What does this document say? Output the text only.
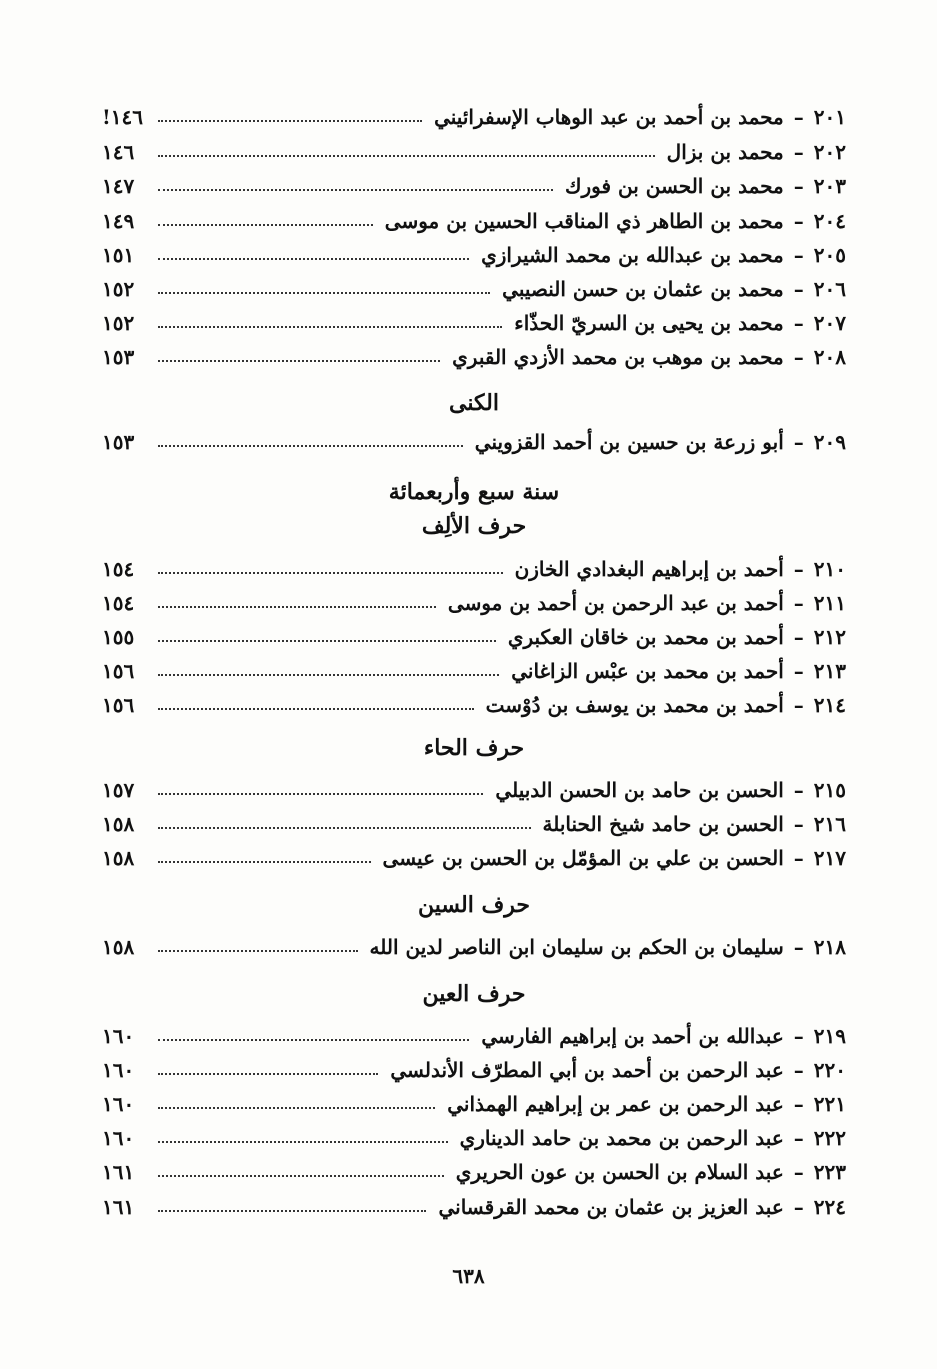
٢٠١
–
محمد بن أحمد بن عبد الوهاب الإسفرائيني
١٤٦!
٢٠٢
–
محمد بن بزال
١٤٦
٢٠٣
–
محمد بن الحسن بن فورك
١٤٧
٢٠٤
–
محمد بن الطاهر ذي المناقب الحسين بن موسى
١٤٩
٢٠٥
–
محمد بن عبدالله بن محمد الشيرازي
١٥١
٢٠٦
–
محمد بن عثمان بن حسن النصيبي
١٥٢
٢٠٧
–
محمد بن يحيى بن السريّ الحذّاء
١٥٢
٢٠٨
–
محمد بن موهب بن محمد الأزدي القبري
١٥٣
الكنى
٢٠٩
–
أبو زرعة بن حسين بن أحمد القزويني
١٥٣
سنة سبع وأربعمائة
حرف الألِف
٢١٠
–
أحمد بن إبراهيم البغدادي الخازن
١٥٤
٢١١
–
أحمد بن عبد الرحمن بن أحمد بن موسى
١٥٤
٢١٢
–
أحمد بن محمد بن خاقان العكبري
١٥٥
٢١٣
–
أحمد بن محمد بن عبْس الزاغاني
١٥٦
٢١٤
–
أحمد بن محمد بن يوسف بن دُوْست
١٥٦
حرف الحاء
٢١٥
–
الحسن بن حامد بن الحسن الدبيلي
١٥٧
٢١٦
–
الحسن بن حامد شيخ الحنابلة
١٥٨
٢١٧
–
الحسن بن علي بن المؤمّل بن الحسن بن عيسى
١٥٨
حرف السين
٢١٨
–
سليمان بن الحكم بن سليمان ابن الناصر لدين الله
١٥٨
حرف العين
٢١٩
–
عبدالله بن أحمد بن إبراهيم الفارسي
١٦٠
٢٢٠
–
عبد الرحمن بن أحمد بن أبي المطرّف الأندلسي
١٦٠
٢٢١
–
عبد الرحمن بن عمر بن إبراهيم الهمذاني
١٦٠
٢٢٢
–
عبد الرحمن بن محمد بن حامد الديناري
١٦٠
٢٢٣
–
عبد السلام بن الحسن بن عون الحريري
١٦١
٢٢٤
–
عبد العزيز بن عثمان بن محمد القرقساني
١٦١
٦٣٨
